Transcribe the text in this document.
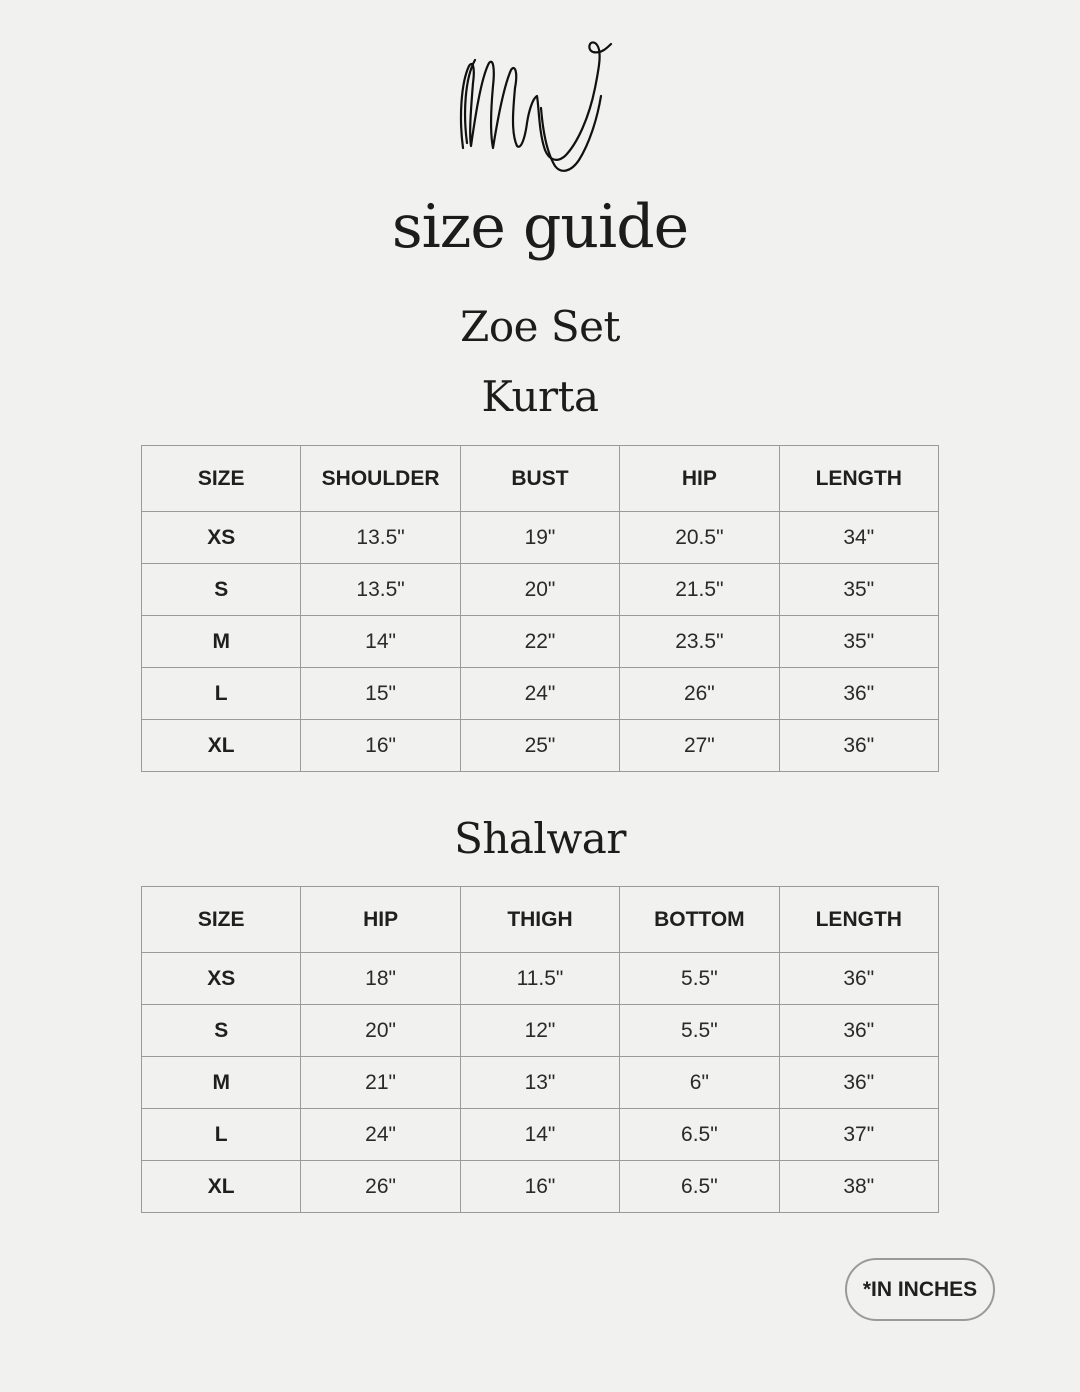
size guide
Zoe Set
Kurta
SIZE	SHOULDER	BUST	HIP	LENGTH
XS	13.5"	19"	20.5"	34"
S	13.5"	20"	21.5"	35"
M	14"	22"	23.5"	35"
L	15"	24"	26"	36"
XL	16"	25"	27"	36"
Shalwar
SIZE	HIP	THIGH	BOTTOM	LENGTH
XS	18"	11.5"	5.5"	36"
S	20"	12"	5.5"	36"
M	21"	13"	6"	36"
L	24"	14"	6.5"	37"
XL	26"	16"	6.5"	38"
*IN INCHES
